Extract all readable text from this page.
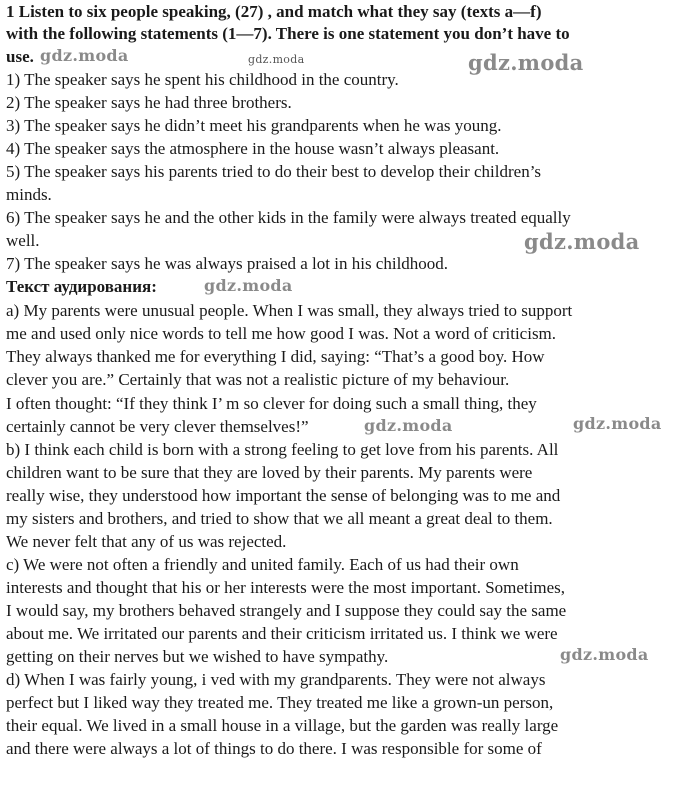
1 Listen to six people speaking, (27) , and match what they say (texts a—f)
with the following statements (1—7). There is one statement you don’t have to
use.
1) The speaker says he spent his childhood in the country.
2) The speaker says he had three brothers.
3) The speaker says he didn’t meet his grandparents when he was young.
4) The speaker says the atmosphere in the house wasn’t always pleasant.
5) The speaker says his parents tried to do their best to develop their children’s
minds.
6) The speaker says he and the other kids in the family were always treated equally
well.
7) The speaker says he was always praised a lot in his childhood.
Текст аудирования:
a) My parents were unusual people. When I was small, they always tried to support
me and used only nice words to tell me how good I was. Not a word of criticism.
They always thanked me for everything I did, saying: “That’s a good boy. How
clever you are.” Certainly that was not a realistic picture of my behaviour.
I often thought: “If they think I’ m so clever for doing such a small thing, they
certainly cannot be very clever themselves!”
b) I think each child is born with a strong feeling to get love from his parents. All
children want to be sure that they are loved by their parents. My parents were
really wise, they understood how important the sense of belonging was to me and
my sisters and brothers, and tried to show that we all meant a great deal to them.
We never felt that any of us was rejected.
c) We were not often a friendly and united family. Each of us had their own
interests and thought that his or her interests were the most important. Sometimes,
I would say, my brothers behaved strangely and I suppose they could say the same
about me. We irritated our parents and their criticism irritated us. I think we were
getting on their nerves but we wished to have sympathy.
d) When I was fairly young, i ved with my grandparents. They were not always
perfect but I liked way they treated me. They treated me like a grown-un person,
their equal. We lived in a small house in a village, but the garden was really large
and there were always a lot of things to do there. I was responsible for some of
gdz.moda	gdz.moda	gdz.moda
gdz.moda
gdz.moda
gdz.moda	gdz.moda
gdz.moda
